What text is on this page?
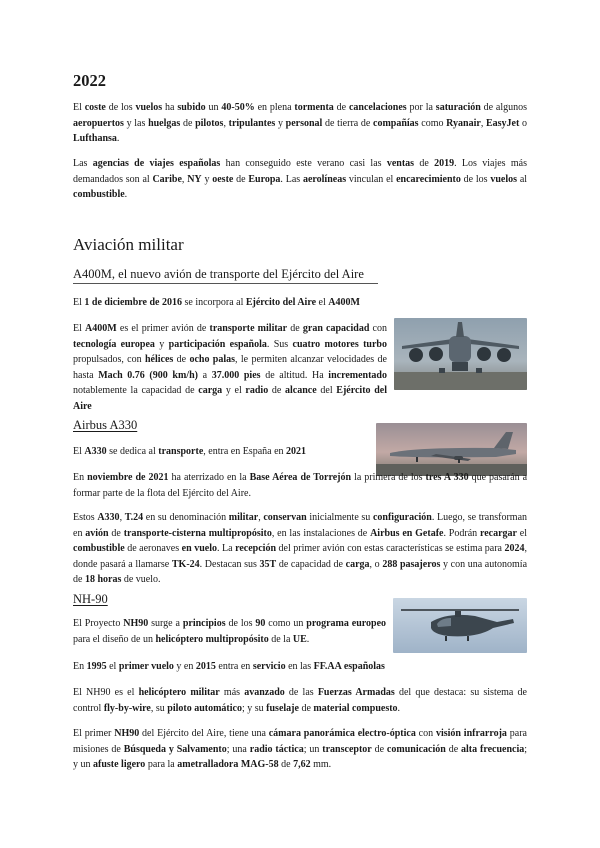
2022
El coste de los vuelos ha subido un 40-50% en plena tormenta de cancelaciones por la saturación de algunos aeropuertos y las huelgas de pilotos, tripulantes y personal de tierra de compañías como Ryanair, EasyJet o Lufthansa.
Las agencias de viajes españolas han conseguido este verano casi las ventas de 2019. Los viajes más demandados son al Caribe, NY y oeste de Europa. Las aerolíneas vinculan el encarecimiento de los vuelos al combustible.
Aviación militar
A400M, el nuevo avión de transporte del Ejército del Aire
El 1 de diciembre de 2016 se incorpora al Ejército del Aire el A400M
El A400M es el primer avión de transporte militar de gran capacidad con tecnología europea y participación española. Sus cuatro motores turbo propulsados, con hélices de ocho palas, le permiten alcanzar velocidades de hasta Mach 0.76 (900 km/h) a 37.000 pies de altitud. Ha incrementado notablemente la capacidad de carga y el radio de alcance del Ejército del Aire
Airbus A330
El A330 se dedica al transporte, entra en España en 2021
En noviembre de 2021 ha aterrizado en la Base Aérea de Torrejón la primera de los tres A 330 que pasarán a formar parte de la flota del Ejército del Aire.
Estos A330, T.24 en su denominación militar, conservan inicialmente su configuración. Luego, se transforman en avión de transporte-cisterna multipropósito, en las instalaciones de Airbus en Getafe. Podrán recargar el combustible de aeronaves en vuelo. La recepción del primer avión con estas características se estima para 2024, donde pasará a llamarse TK-24. Destacan sus 35T de capacidad de carga, o 288 pasajeros y con una autonomía de 18 horas de vuelo.
NH-90
El Proyecto NH90 surge a principios de los 90 como un programa europeo para el diseño de un helicóptero multipropósito de la UE.
En 1995 el primer vuelo y en 2015 entra en servicio en las FF.AA españolas
El NH90 es el helicóptero militar más avanzado de las Fuerzas Armadas del que destaca: su sistema de control fly-by-wire, su piloto automático; y su fuselaje de material compuesto.
El primer NH90 del Ejército del Aire, tiene una cámara panorámica electro-óptica con visión infrarroja para misiones de Búsqueda y Salvamento; una radio táctica; un transceptor de comunicación de alta frecuencia; y un afuste ligero para la ametralladora MAG-58 de 7,62 mm.
